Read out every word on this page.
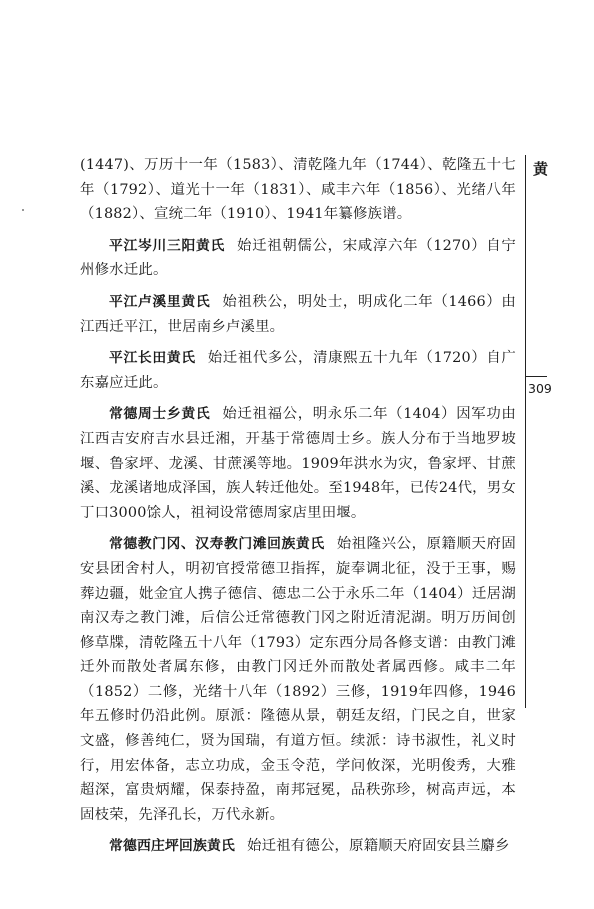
黄
309

(1447)、万历十一年（1583）、清乾隆九年（1744）、乾隆五十七年（1792）、道光十一年（1831）、咸丰六年（1856）、光绪八年（1882）、宣统二年（1910）、1941年纂修族谱。

平江岑川三阳黄氏 始迁祖朝儒公，宋咸淳六年（1270）自宁州修水迁此。

平江卢溪里黄氏 始祖秩公，明处士，明成化二年（1466）由江西迁平江，世居南乡卢溪里。

平江长田黄氏 始迁祖代多公，清康熙五十九年（1720）自广东嘉应迁此。

常德周士乡黄氏 始迁祖福公，明永乐二年（1404）因军功由江西吉安府吉水县迁湘，开基于常德周士乡。族人分布于当地罗坡堰、鲁家坪、龙溪、甘蔗溪等地。1909年洪水为灾，鲁家坪、甘蔗溪、龙溪诸地成泽国，族人转迁他处。至1948年，已传24代，男女丁口3000馀人，祖祠设常德周家店里田堰。

常德教门冈、汉寿教门滩回族黄氏 始祖隆兴公，原籍顺天府固安县团舍村人，明初官授常德卫指挥，旋奉调北征，没于王事，赐葬边疆，妣金宜人携子德信、德忠二公于永乐二年（1404）迁居湖南汉寿之教门滩，后信公迁常德教门冈之附近清泥湖。明万历间创修草牒，清乾隆五十八年（1793）定东西分局各修支谱：由教门滩迁外而散处者属东修，由教门冈迁外而散处者属西修。咸丰二年（1852）二修，光绪十八年（1892）三修，1919年四修，1946年五修时仍沿此例。原派：隆德从景，朝廷友绍，门民之自，世家文盛，修善纯仁，贤为国瑞，有道方恒。续派：诗书淑性，礼义时行，用宏体备，志立功成，金玉令范，学问攸深，光明俊秀，大雅超深，富贵炳耀，保泰持盈，南邦冠冕，品秩弥珍，树高声远，本固枝荣，先泽孔长，万代永新。

常德西庄坪回族黄氏 始迁祖有德公，原籍顺天府固安县兰麝乡
